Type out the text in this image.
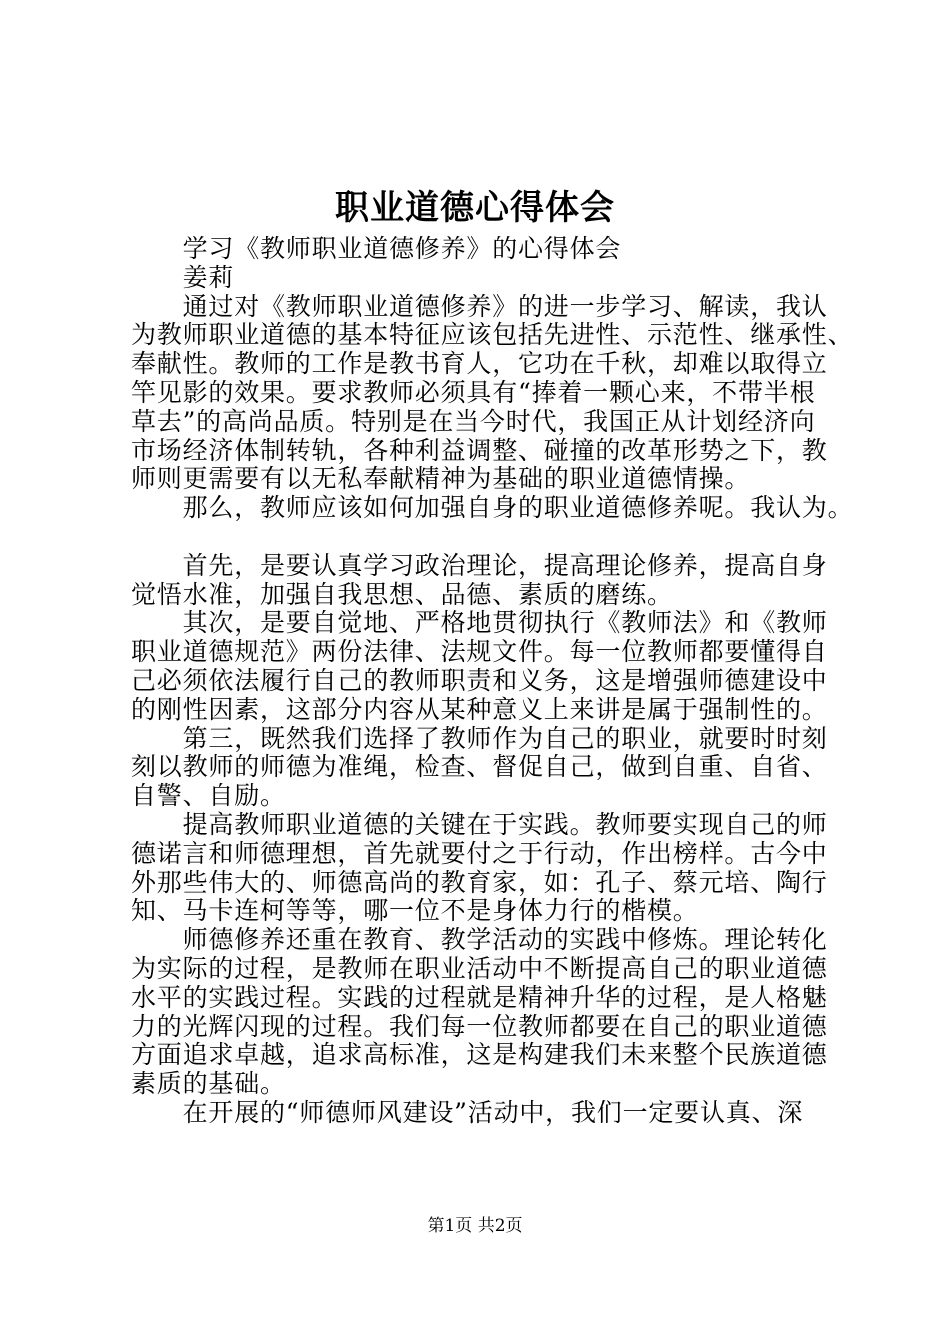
职业道德心得体会

　　学习《教师职业道德修养》的心得体会

　　姜莉

　　通过对《教师职业道德修养》的进一步学习、解读，我认

为教师职业道德的基本特征应该包括先进性、示范性、继承性、

奉献性。教师的工作是教书育人，它功在千秋，却难以取得立

竿见影的效果。要求教师必须具有“捧着一颗心来，不带半根

草去”的高尚品质。特别是在当今时代，我国正从计划经济向

市场经济体制转轨，各种利益调整、碰撞的改革形势之下，教

师则更需要有以无私奉献精神为基础的职业道德情操。

　　那么，教师应该如何加强自身的职业道德修养呢。我认为。

　　首先，是要认真学习政治理论，提高理论修养，提高自身

觉悟水准，加强自我思想、品德、素质的磨练。

　　其次，是要自觉地、严格地贯彻执行《教师法》和《教师

职业道德规范》两份法律、法规文件。每一位教师都要懂得自

己必须依法履行自己的教师职责和义务，这是增强师德建设中

的刚性因素，这部分内容从某种意义上来讲是属于强制性的。

　　第三，既然我们选择了教师作为自己的职业，就要时时刻

刻以教师的师德为准绳，检查、督促自己，做到自重、自省、

自警、自励。

　　提高教师职业道德的关键在于实践。教师要实现自己的师

德诺言和师德理想，首先就要付之于行动，作出榜样。古今中

外那些伟大的、师德高尚的教育家，如：孔子、蔡元培、陶行

知、马卡连柯等等，哪一位不是身体力行的楷模。

　　师德修养还重在教育、教学活动的实践中修炼。理论转化

为实际的过程，是教师在职业活动中不断提高自己的职业道德

水平的实践过程。实践的过程就是精神升华的过程，是人格魅

力的光辉闪现的过程。我们每一位教师都要在自己的职业道德

方面追求卓越，追求高标准，这是构建我们未来整个民族道德

素质的基础。

　　在开展的“师德师风建设”活动中，我们一定要认真、深

第1页 共2页
